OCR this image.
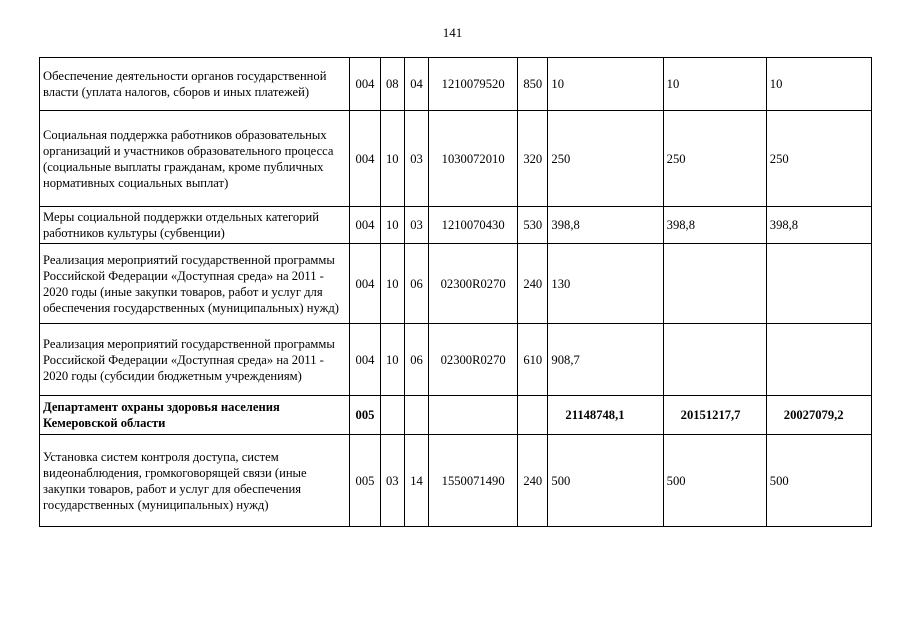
141
Обеспечение деятельности органов государственной власти (уплата налогов, сборов и иных платежей)	004	08	04	1210079520	850	10	10	10
Социальная поддержка работников образовательных организаций и участников образовательного процесса (социальные выплаты гражданам, кроме публичных нормативных социальных выплат)	004	10	03	1030072010	320	250	250	250
Меры социальной поддержки отдельных категорий работников культуры (субвенции)	004	10	03	1210070430	530	398,8	398,8	398,8
Реализация мероприятий государственной программы Российской Федерации «Доступная среда» на 2011 - 2020 годы (иные закупки товаров, работ и услуг для обеспечения государственных (муниципальных) нужд)	004	10	06	02300R0270	240	130		
Реализация мероприятий государственной программы Российской Федерации «Доступная среда» на 2011 - 2020 годы (субсидии бюджетным учреждениям)	004	10	06	02300R0270	610	908,7		
Департамент охраны здоровья населения Кемеровской области	005					21148748,1	20151217,7	20027079,2
Установка систем контроля доступа, систем видеонаблюдения, громкоговорящей связи (иные закупки товаров, работ и услуг для обеспечения государственных (муниципальных) нужд)	005	03	14	1550071490	240	500	500	500
